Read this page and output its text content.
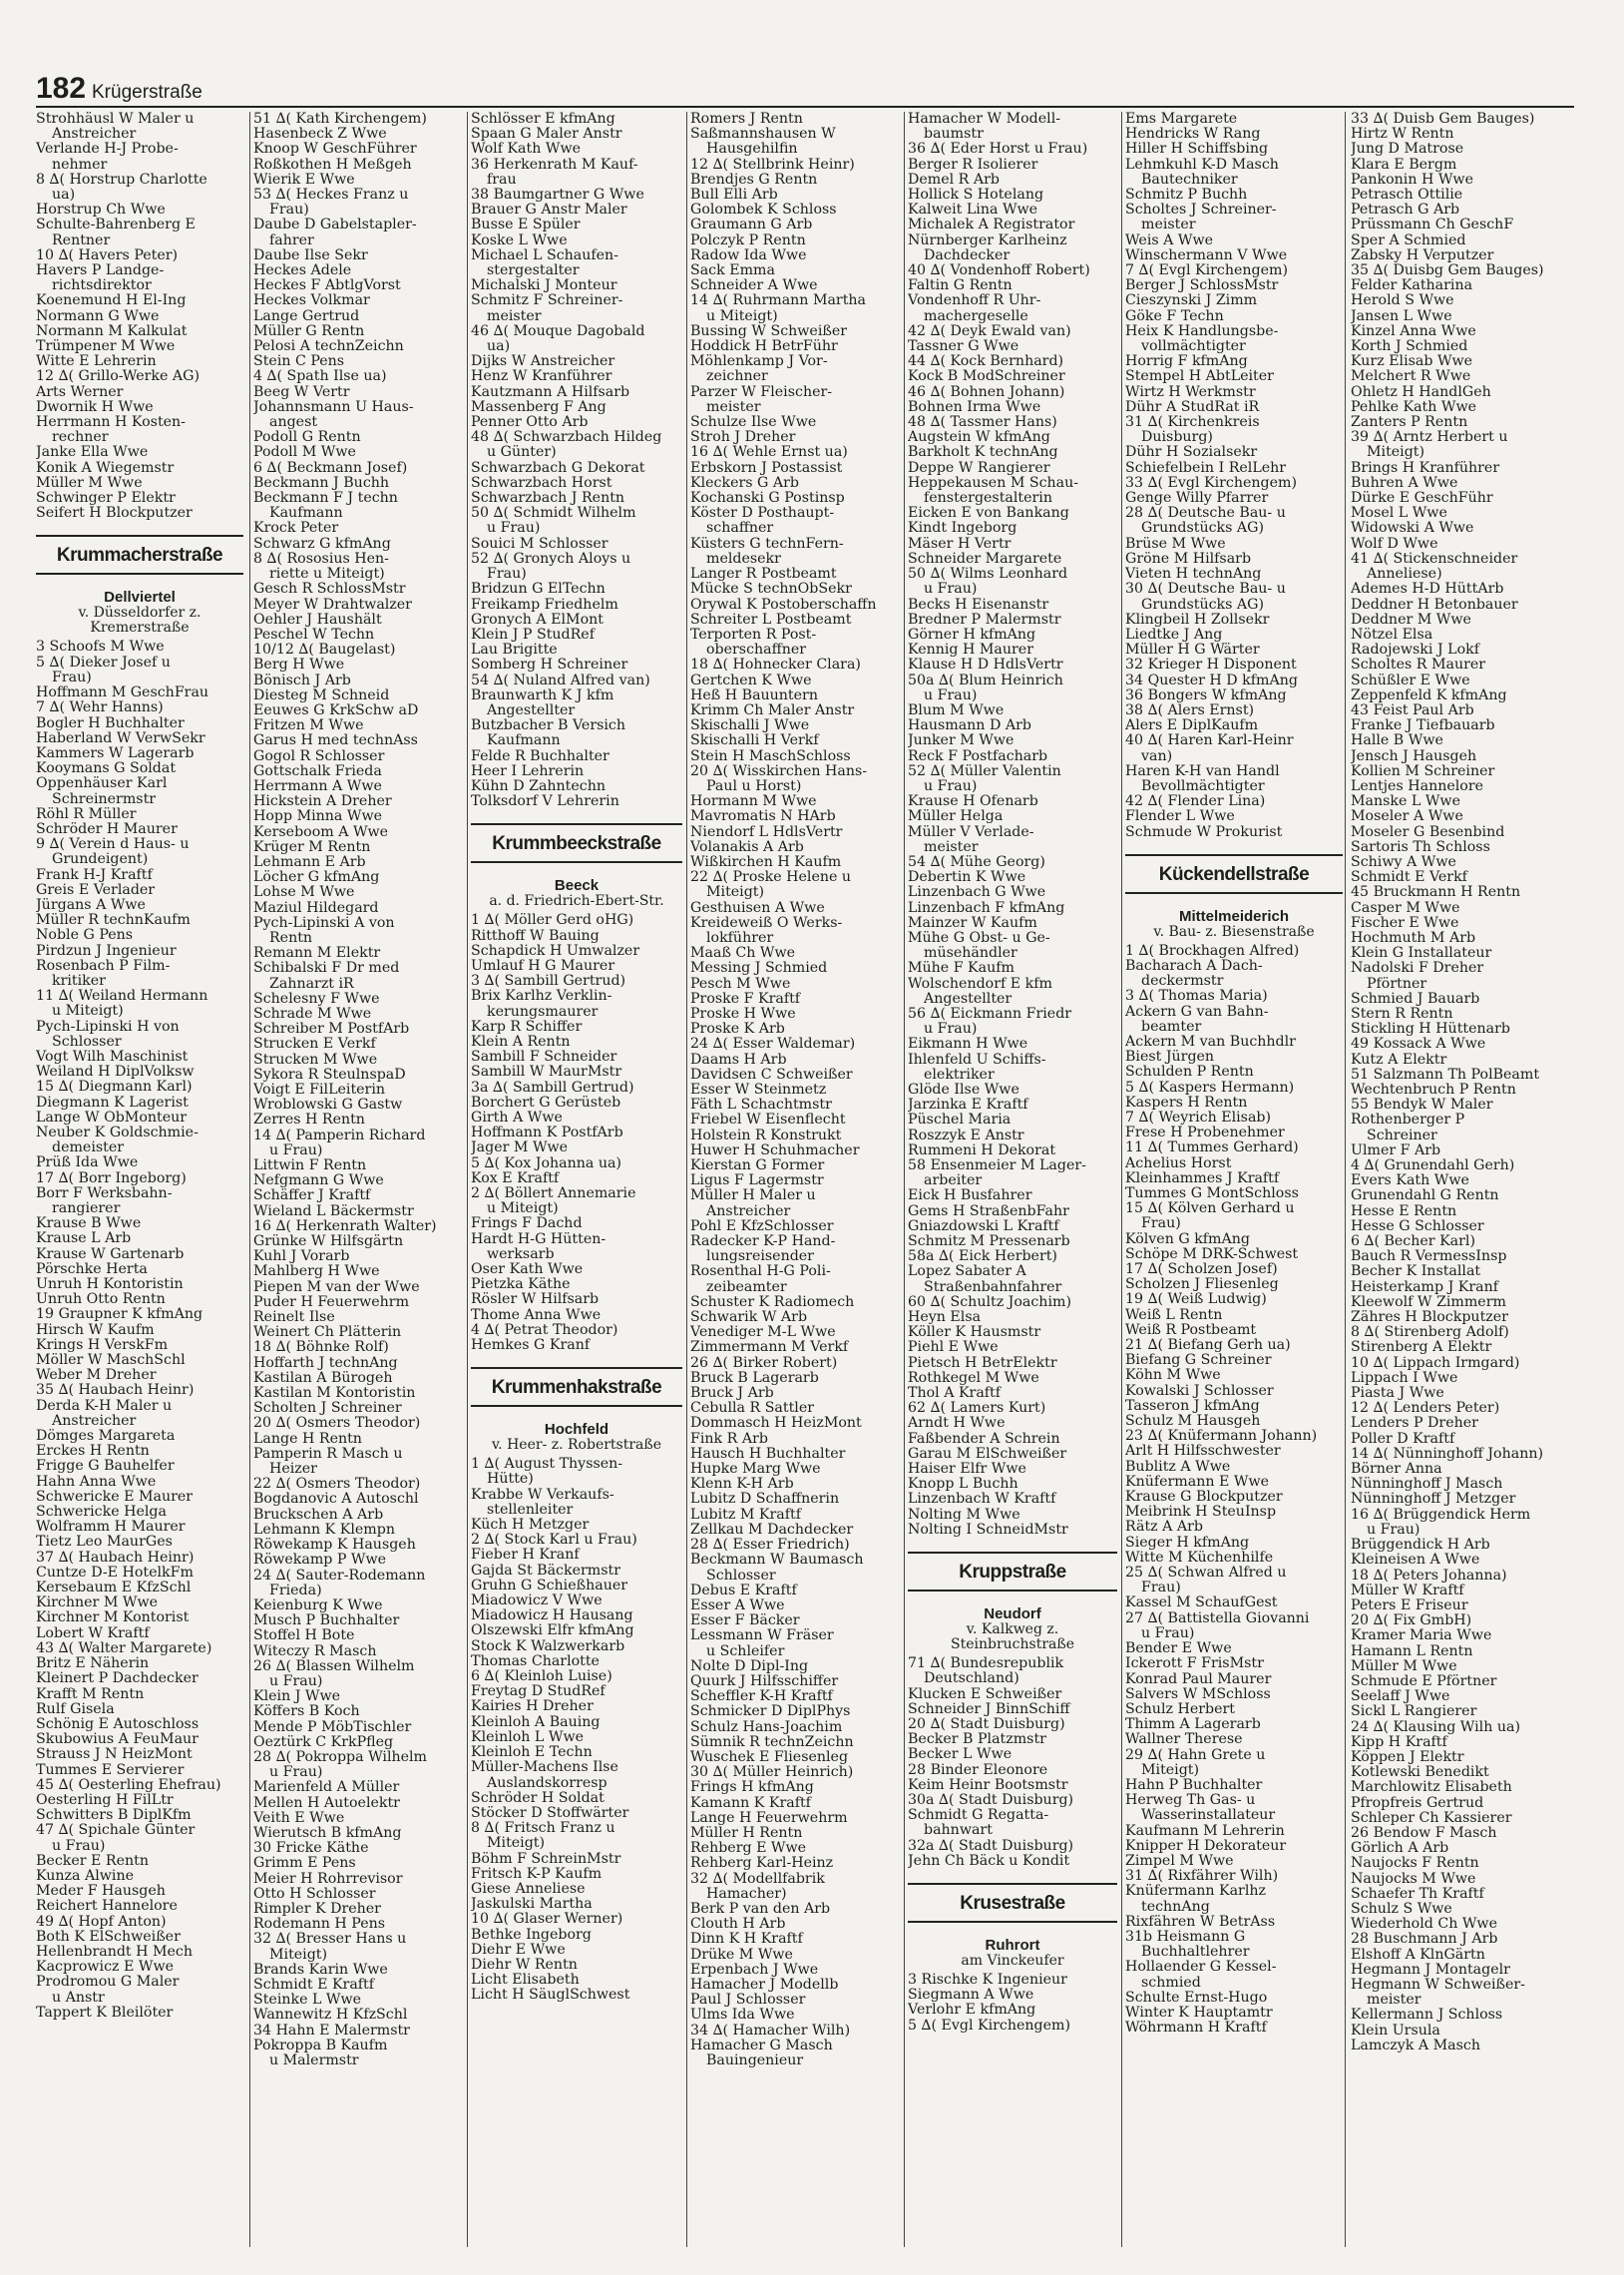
182 Krügerstraße
Strohhäusl W Maler u
Anstreicher
Verlande H-J Probe-
nehmer
8 ∆( Horstrup Charlotte
ua)
Horstrup Ch Wwe
Schulte-Bahrenberg E
Rentner
10 ∆( Havers Peter)
Havers P Landge-
richtsdirektor
Koenemund H El-Ing
Normann G Wwe
Normann M Kalkulat
Trümpener M Wwe
Witte E Lehrerin
12 ∆( Grillo-Werke AG)
Arts Werner
Dwornik H Wwe
Herrmann H Kosten-
rechner
Janke Ella Wwe
Konik A Wiegemstr
Müller M Wwe
Schwinger P Elektr
Seifert H Blockputzer
Krummacherstraße
Dellviertel
v. Düsseldorfer z.
Kremerstraße
3 Schoofs M Wwe
5 ∆( Dieker Josef u
Frau)
Hoffmann M GeschFrau
7 ∆( Wehr Hanns)
Bogler H Buchhalter
Haberland W VerwSekr
Kammers W Lagerarb
Kooymans G Soldat
Oppenhäuser Karl
Schreinermstr
Röhl R Müller
Schröder H Maurer
9 ∆( Verein d Haus- u
Grundeigent)
Frank H-J Kraftf
Greis E Verlader
Jürgans A Wwe
Müller R technKaufm
Noble G Pens
Pirdzun J Ingenieur
Rosenbach P Film-
kritiker
11 ∆( Weiland Hermann
u Miteigt)
Pych-Lipinski H von
Schlosser
Vogt Wilh Maschinist
Weiland H DiplVolksw
15 ∆( Diegmann Karl)
Diegmann K Lagerist
Lange W ObMonteur
Neuber K Goldschmie-
demeister
Prüß Ida Wwe
17 ∆( Borr Ingeborg)
Borr F Werksbahn-
rangierer
Krause B Wwe
Krause L Arb
Krause W Gartenarb
Pörschke Herta
Unruh H Kontoristin
Unruh Otto Rentn
19 Graupner K kfmAng
Hirsch W Kaufm
Krings H VerskFm
Möller W MaschSchl
Weber M Dreher
35 ∆( Haubach Heinr)
Derda K-H Maler u
Anstreicher
Dömges Margareta
Erckes H Rentn
Frigge G Bauhelfer
Hahn Anna Wwe
Schwericke E Maurer
Schwericke Helga
Wolframm H Maurer
Tietz Leo MaurGes
37 ∆( Haubach Heinr)
Cuntze D-E HotelkFm
Kersebaum E KfzSchl
Kirchner M Wwe
Kirchner M Kontorist
Lobert W Kraftf
43 ∆( Walter Margarete)
Britz E Näherin
Kleinert P Dachdecker
Krafft M Rentn
Rulf Gisela
Schönig E Autoschloss
Skubowius A FeuMaur
Strauss J N HeizMont
Tummes E Servierer
45 ∆( Oesterling Ehefrau)
Oesterling H FilLtr
Schwitters B DiplKfm
47 ∆( Spichale Günter
u Frau)
Becker E Rentn
Kunza Alwine
Meder F Hausgeh
Reichert Hannelore
49 ∆( Hopf Anton)
Both K ElSchweißer
Hellenbrandt H Mech
Kacprowicz E Wwe
Prodromou G Maler
u Anstr
Tappert K Bleilöter
51 ∆( Kath Kirchengem)
Hasenbeck Z Wwe
Knoop W GeschFührer
Roßkothen H Meßgeh
Wierik E Wwe
53 ∆( Heckes Franz u
Frau)
Daube D Gabelstapler-
fahrer
Daube Ilse Sekr
Heckes Adele
Heckes F AbtlgVorst
Heckes Volkmar
Lange Gertrud
Müller G Rentn
Pelosi A technZeichn
Stein C Pens
4 ∆( Spath Ilse ua)
Beeg W Vertr
Johannsmann U Haus-
angest
Podoll G Rentn
Podoll M Wwe
6 ∆( Beckmann Josef)
Beckmann J Buchh
Beckmann F J techn
Kaufmann
Krock Peter
Schwarz G kfmAng
8 ∆( Rososius Hen-
riette u Miteigt)
Gesch R SchlossMstr
Meyer W Drahtwalzer
Oehler J Haushält
Peschel W Techn
10/12 ∆( Baugelast)
Berg H Wwe
Bönisch J Arb
Diesteg M Schneid
Eeuwes G KrkSchw aD
Fritzen M Wwe
Garus H med technAss
Gogol R Schlosser
Gottschalk Frieda
Herrmann A Wwe
Hickstein A Dreher
Hopp Minna Wwe
Kerseboom A Wwe
Krüger M Rentn
Lehmann E Arb
Löcher G kfmAng
Lohse M Wwe
Maziul Hildegard
Pych-Lipinski A von
Rentn
Remann M Elektr
Schibalski F Dr med
Zahnarzt iR
Schelesny F Wwe
Schrade M Wwe
Schreiber M PostfArb
Strucken E Verkf
Strucken M Wwe
Sykora R SteulnspaD
Voigt E FilLeiterin
Wroblowski G Gastw
Zerres H Rentn
14 ∆( Pamperin Richard
u Frau)
Littwin F Rentn
Nefgmann G Wwe
Schäffer J Kraftf
Wieland L Bäckermstr
16 ∆( Herkenrath Walter)
Grünke W Hilfsgärtn
Kuhl J Vorarb
Mahlberg H Wwe
Piepen M van der Wwe
Puder H Feuerwehrm
Reinelt Ilse
Weinert Ch Plätterin
18 ∆( Böhnke Rolf)
Hoffarth J technAng
Kastilan A Bürogeh
Kastilan M Kontoristin
Scholten J Schreiner
20 ∆( Osmers Theodor)
Lange H Rentn
Pamperin R Masch u
Heizer
22 ∆( Osmers Theodor)
Bogdanovic A Autoschl
Bruckschen A Arb
Lehmann K Klempn
Röwekamp K Hausgeh
Röwekamp P Wwe
24 ∆( Sauter-Rodemann
Frieda)
Keienburg K Wwe
Musch P Buchhalter
Stoffel H Bote
Witeczy R Masch
26 ∆( Blassen Wilhelm
u Frau)
Klein J Wwe
Köffers B Koch
Mende P MöbTischler
Oeztürk C KrkPfleg
28 ∆( Pokroppa Wilhelm
u Frau)
Marienfeld A Müller
Mellen H Autoelektr
Veith E Wwe
Wierutsch B kfmAng
30 Fricke Käthe
Grimm E Pens
Meier H Rohrrevisor
Otto H Schlosser
Rimpler K Dreher
Rodemann H Pens
32 ∆( Bresser Hans u
Miteigt)
Brands Karin Wwe
Schmidt E Kraftf
Steinke L Wwe
Wannewitz H KfzSchl
34 Hahn E Malermstr
Pokroppa B Kaufm
u Malermstr
Schlösser E kfmAng
Spaan G Maler Anstr
Wolf Kath Wwe
36 Herkenrath M Kauf-
frau
38 Baumgartner G Wwe
Brauer G Anstr Maler
Busse E Spüler
Koske L Wwe
Michael L Schaufen-
stergestalter
Michalski J Monteur
Schmitz F Schreiner-
meister
46 ∆( Mouque Dagobald
ua)
Dijks W Anstreicher
Henz W Kranführer
Kautzmann A Hilfsarb
Massenberg F Ang
Penner Otto Arb
48 ∆( Schwarzbach Hildeg
u Günter)
Schwarzbach G Dekorat
Schwarzbach Horst
Schwarzbach J Rentn
50 ∆( Schmidt Wilhelm
u Frau)
Souici M Schlosser
52 ∆( Gronych Aloys u
Frau)
Bridzun G ElTechn
Freikamp Friedhelm
Gronych A ElMont
Klein J P StudRef
Lau Brigitte
Somberg H Schreiner
54 ∆( Nuland Alfred van)
Braunwarth K J kfm
Angestellter
Butzbacher B Versich
Kaufmann
Felde R Buchhalter
Heer I Lehrerin
Kühn D Zahntechn
Tolksdorf V Lehrerin
Krummbeeckstraße
Beeck
a. d. Friedrich-Ebert-Str.
1 ∆( Möller Gerd oHG)
Ritthoff W Bauing
Schapdick H Umwalzer
Umlauf H G Maurer
3 ∆( Sambill Gertrud)
Brix Karlhz Verklin-
kerungsmaurer
Karp R Schiffer
Klein A Rentn
Sambill F Schneider
Sambill W MaurMstr
3a ∆( Sambill Gertrud)
Borchert G Gerüsteb
Girth A Wwe
Hoffmann K PostfArb
Jager M Wwe
5 ∆( Kox Johanna ua)
Kox E Kraftf
2 ∆( Böllert Annemarie
u Miteigt)
Frings F Dachd
Hardt H-G Hütten-
werksarb
Oser Kath Wwe
Pietzka Käthe
Rösler W Hilfsarb
Thome Anna Wwe
4 ∆( Petrat Theodor)
Hemkes G Kranf
Krummenhakstraße
Hochfeld
v. Heer- z. Robertstraße
1 ∆( August Thyssen-
Hütte)
Krabbe W Verkaufs-
stellenleiter
Küch H Metzger
2 ∆( Stock Karl u Frau)
Fieber H Kranf
Gajda St Bäckermstr
Gruhn G Schießhauer
Miadowicz V Wwe
Miadowicz H Hausang
Olszewski Elfr kfmAng
Stock K Walzwerkarb
Thomas Charlotte
6 ∆( Kleinloh Luise)
Freytag D StudRef
Kairies H Dreher
Kleinloh A Bauing
Kleinloh L Wwe
Kleinloh E Techn
Müller-Machens Ilse
Auslandskorresp
Schröder H Soldat
Stöcker D Stoffwärter
8 ∆( Fritsch Franz u
Miteigt)
Böhm F SchreinMstr
Fritsch K-P Kaufm
Giese Anneliese
Jaskulski Martha
10 ∆( Glaser Werner)
Bethke Ingeborg
Diehr E Wwe
Diehr W Rentn
Licht Elisabeth
Licht H SäuglSchwest
Romers J Rentn
Saßmannshausen W
Hausgehilfin
12 ∆( Stellbrink Heinr)
Brendjes G Rentn
Bull Elli Arb
Golombek K Schloss
Graumann G Arb
Polczyk P Rentn
Radow Ida Wwe
Sack Emma
Schneider A Wwe
14 ∆( Ruhrmann Martha
u Miteigt)
Bussing W Schweißer
Hoddick H BetrFühr
Möhlenkamp J Vor-
zeichner
Parzer W Fleischer-
meister
Schulze Ilse Wwe
Stroh J Dreher
16 ∆( Wehle Ernst ua)
Erbskorn J Postassist
Kleckers G Arb
Kochanski G Postinsp
Köster D Posthaupt-
schaffner
Küsters G technFern-
meldesekr
Langer R Postbeamt
Mücke S technObSekr
Orywal K Postoberschaffn
Schreiter L Postbeamt
Terporten R Post-
oberschaffner
18 ∆( Hohnecker Clara)
Gertchen K Wwe
Heß H Bauuntern
Krimm Ch Maler Anstr
Skischalli J Wwe
Skischalli H Verkf
Stein H MaschSchloss
20 ∆( Wisskirchen Hans-
Paul u Horst)
Hormann M Wwe
Mavromatis N HArb
Niendorf L HdlsVertr
Volanakis A Arb
Wißkirchen H Kaufm
22 ∆( Proske Helene u
Miteigt)
Gesthuisen A Wwe
Kreideweiß O Werks-
lokführer
Maaß Ch Wwe
Messing J Schmied
Pesch M Wwe
Proske F Kraftf
Proske H Wwe
Proske K Arb
24 ∆( Esser Waldemar)
Daams H Arb
Davidsen C Schweißer
Esser W Steinmetz
Fäth L Schachtmstr
Friebel W Eisenflecht
Holstein R Konstrukt
Huwer H Schuhmacher
Kierstan G Former
Ligus F Lagermstr
Müller H Maler u
Anstreicher
Pohl E KfzSchlosser
Radecker K-P Hand-
lungsreisender
Rosenthal H-G Poli-
zeibeamter
Schuster K Radiomech
Schwarik W Arb
Venediger M-L Wwe
Zimmermann M Verkf
26 ∆( Birker Robert)
Bruck B Lagerarb
Bruck J Arb
Cebulla R Sattler
Dommasch H HeizMont
Fink R Arb
Hausch H Buchhalter
Hupke Marg Wwe
Klenn K-H Arb
Lubitz D Schaffnerin
Lubitz M Kraftf
Zellkau M Dachdecker
28 ∆( Esser Friedrich)
Beckmann W Baumasch
Schlosser
Debus E Kraftf
Esser A Wwe
Esser F Bäcker
Lessmann W Fräser
u Schleifer
Nolte D Dipl-Ing
Quurk J Hilfsschiffer
Scheffler K-H Kraftf
Schmicker D DiplPhys
Schulz Hans-Joachim
Sümnik R technZeichn
Wuschek E Fliesenleg
30 ∆( Müller Heinrich)
Frings H kfmAng
Kamann K Kraftf
Lange H Feuerwehrm
Müller H Rentn
Rehberg E Wwe
Rehberg Karl-Heinz
32 ∆( Modellfabrik
Hamacher)
Berk P van den Arb
Clouth H Arb
Dinn K H Kraftf
Drüke M Wwe
Erpenbach J Wwe
Hamacher J Modellb
Paul J Schlosser
Ulms Ida Wwe
34 ∆( Hamacher Wilh)
Hamacher G Masch
Bauingenieur
Hamacher W Modell-
baumstr
36 ∆( Eder Horst u Frau)
Berger R Isolierer
Demel R Arb
Hollick S Hotelang
Kalweit Lina Wwe
Michalek A Registrator
Nürnberger Karlheinz
Dachdecker
40 ∆( Vondenhoff Robert)
Faltin G Rentn
Vondenhoff R Uhr-
machergeselle
42 ∆( Deyk Ewald van)
Tassner G Wwe
44 ∆( Kock Bernhard)
Kock B ModSchreiner
46 ∆( Bohnen Johann)
Bohnen Irma Wwe
48 ∆( Tassmer Hans)
Augstein W kfmAng
Barkholt K technAng
Deppe W Rangierer
Heppekausen M Schau-
fenstergestalterin
Eicken E von Bankang
Kindt Ingeborg
Mäser H Vertr
Schneider Margarete
50 ∆( Wilms Leonhard
u Frau)
Becks H Eisenanstr
Bredner P Malermstr
Görner H kfmAng
Kennig H Maurer
Klause H D HdlsVertr
50a ∆( Blum Heinrich
u Frau)
Blum M Wwe
Hausmann D Arb
Junker M Wwe
Reck F Postfacharb
52 ∆( Müller Valentin
u Frau)
Krause H Ofenarb
Müller Helga
Müller V Verlade-
meister
54 ∆( Mühe Georg)
Debertin K Wwe
Linzenbach G Wwe
Linzenbach F kfmAng
Mainzer W Kaufm
Mühe G Obst- u Ge-
müsehändler
Mühe F Kaufm
Wolschendorf E kfm
Angestellter
56 ∆( Eickmann Friedr
u Frau)
Eikmann H Wwe
Ihlenfeld U Schiffs-
elektriker
Glöde Ilse Wwe
Jarzinka E Kraftf
Püschel Maria
Roszzyk E Anstr
Rummeni H Dekorat
58 Ensenmeier M Lager-
arbeiter
Eick H Busfahrer
Gems H StraßenbFahr
Gniazdowski L Kraftf
Schmitz M Pressenarb
58a ∆( Eick Herbert)
Lopez Sabater A
Straßenbahnfahrer
60 ∆( Schultz Joachim)
Heyn Elsa
Köller K Hausmstr
Piehl E Wwe
Pietsch H BetrElektr
Rothkegel M Wwe
Thol A Kraftf
62 ∆( Lamers Kurt)
Arndt H Wwe
Faßbender A Schrein
Garau M ElSchweißer
Haiser Elfr Wwe
Knopp L Buchh
Linzenbach W Kraftf
Nolting M Wwe
Nolting I SchneidMstr
Kruppstraße
Neudorf
v. Kalkweg z.
Steinbruchstraße
71 ∆( Bundesrepublik
Deutschland)
Klucken E Schweißer
Schneider J BinnSchiff
20 ∆( Stadt Duisburg)
Becker B Platzmstr
Becker L Wwe
28 Binder Eleonore
Keim Heinr Bootsmstr
30a ∆( Stadt Duisburg)
Schmidt G Regatta-
bahnwart
32a ∆( Stadt Duisburg)
Jehn Ch Bäck u Kondit
Krusestraße
Ruhrort
am Vinckeufer
3 Rischke K Ingenieur
Siegmann A Wwe
Verlohr E kfmAng
5 ∆( Evgl Kirchengem)
Ems Margarete
Hendricks W Rang
Hiller H Schiffsbing
Lehmkuhl K-D Masch
Bautechniker
Schmitz P Buchh
Scholtes J Schreiner-
meister
Weis A Wwe
Winschermann V Wwe
7 ∆( Evgl Kirchengem)
Berger J SchlossMstr
Cieszynski J Zimm
Göke F Techn
Heix K Handlungsbe-
vollmächtigter
Horrig F kfmAng
Stempel H AbtLeiter
Wirtz H Werkmstr
Dühr A StudRat iR
31 ∆( Kirchenkreis
Duisburg)
Dühr H Sozialsekr
Schiefelbein I RelLehr
33 ∆( Evgl Kirchengem)
Genge Willy Pfarrer
28 ∆( Deutsche Bau- u
Grundstücks AG)
Brüse M Wwe
Gröne M Hilfsarb
Vieten H technAng
30 ∆( Deutsche Bau- u
Grundstücks AG)
Klingbeil H Zollsekr
Liedtke J Ang
Müller H G Wärter
32 Krieger H Disponent
34 Quester H D kfmAng
36 Bongers W kfmAng
38 ∆( Alers Ernst)
Alers E DiplKaufm
40 ∆( Haren Karl-Heinr
van)
Haren K-H van Handl
Bevollmächtigter
42 ∆( Flender Lina)
Flender L Wwe
Schmude W Prokurist
Kückendellstraße
Mittelmeiderich
v. Bau- z. Biesenstraße
1 ∆( Brockhagen Alfred)
Bacharach A Dach-
deckermstr
3 ∆( Thomas Maria)
Ackern G van Bahn-
beamter
Ackern M van Buchhdlr
Biest Jürgen
Schulden P Rentn
5 ∆( Kaspers Hermann)
Kaspers H Rentn
7 ∆( Weyrich Elisab)
Frese H Probenehmer
11 ∆( Tummes Gerhard)
Achelius Horst
Kleinhammes J Kraftf
Tummes G MontSchloss
15 ∆( Kölven Gerhard u
Frau)
Kölven G kfmAng
Schöpe M DRK-Schwest
17 ∆( Scholzen Josef)
Scholzen J Fliesenleg
19 ∆( Weiß Ludwig)
Weiß L Rentn
Weiß R Postbeamt
21 ∆( Biefang Gerh ua)
Biefang G Schreiner
Köhn M Wwe
Kowalski J Schlosser
Tasseron J kfmAng
Schulz M Hausgeh
23 ∆( Knüfermann Johann)
Arlt H Hilfsschwester
Bublitz A Wwe
Knüfermann E Wwe
Krause G Blockputzer
Meibrink H SteuInsp
Rätz A Arb
Sieger H kfmAng
Witte M Küchenhilfe
25 ∆( Schwan Alfred u
Frau)
Kassel M SchaufGest
27 ∆( Battistella Giovanni
u Frau)
Bender E Wwe
Ickerott F FrisMstr
Konrad Paul Maurer
Salvers W MSchloss
Schulz Herbert
Thimm A Lagerarb
Wallner Therese
29 ∆( Hahn Grete u
Miteigt)
Hahn P Buchhalter
Herweg Th Gas- u
Wasserinstallateur
Kaufmann M Lehrerin
Knipper H Dekorateur
Zimpel M Wwe
31 ∆( Rixfährer Wilh)
Knüfermann Karlhz
technAng
Rixfähren W BetrAss
31b Heismann G
Buchhaltlehrer
Hollaender G Kessel-
schmied
Schulte Ernst-Hugo
Winter K Hauptamtr
Wöhrmann H Kraftf
33 ∆( Duisb Gem Bauges)
Hirtz W Rentn
Jung D Matrose
Klara E Bergm
Pankonin H Wwe
Petrasch Ottilie
Petrasch G Arb
Prüssmann Ch GeschF
Sper A Schmied
Zabsky H Verputzer
35 ∆( Duisbg Gem Bauges)
Felder Katharina
Herold S Wwe
Jansen L Wwe
Kinzel Anna Wwe
Korth J Schmied
Kurz Elisab Wwe
Melchert R Wwe
Ohletz H HandlGeh
Pehlke Kath Wwe
Zanters P Rentn
39 ∆( Arntz Herbert u
Miteigt)
Brings H Kranführer
Buhren A Wwe
Dürke E GeschFühr
Mosel L Wwe
Widowski A Wwe
Wolf D Wwe
41 ∆( Stickenschneider
Anneliese)
Ademes H-D HüttArb
Deddner H Betonbauer
Deddner M Wwe
Nötzel Elsa
Radojewski J Lokf
Scholtes R Maurer
Schüßler E Wwe
Zeppenfeld K kfmAng
43 Feist Paul Arb
Franke J Tiefbauarb
Halle B Wwe
Jensch J Hausgeh
Kollien M Schreiner
Lentjes Hannelore
Manske L Wwe
Moseler A Wwe
Moseler G Besenbind
Sartoris Th Schloss
Schiwy A Wwe
Schmidt E Verkf
45 Bruckmann H Rentn
Casper M Wwe
Fischer E Wwe
Hochmuth M Arb
Klein G Installateur
Nadolski F Dreher
Pförtner
Schmied J Bauarb
Stern R Rentn
Stickling H Hüttenarb
49 Kossack A Wwe
Kutz A Elektr
51 Salzmann Th PolBeamt
Wechtenbruch P Rentn
55 Bendyk W Maler
Rothenberger P
Schreiner
Ulmer F Arb
4 ∆( Grunendahl Gerh)
Evers Kath Wwe
Grunendahl G Rentn
Hesse E Rentn
Hesse G Schlosser
6 ∆( Becher Karl)
Bauch R VermessInsp
Becher K Installat
Heisterkamp J Kranf
Kleewolf W Zimmerm
Zähres H Blockputzer
8 ∆( Stirenberg Adolf)
Stirenberg A Elektr
10 ∆( Lippach Irmgard)
Lippach I Wwe
Piasta J Wwe
12 ∆( Lenders Peter)
Lenders P Dreher
Poller D Kraftf
14 ∆( Nünninghoff Johann)
Börner Anna
Nünninghoff J Masch
Nünninghoff J Metzger
16 ∆( Brüggendick Herm
u Frau)
Brüggendick H Arb
Kleineisen A Wwe
18 ∆( Peters Johanna)
Müller W Kraftf
Peters E Friseur
20 ∆( Fix GmbH)
Kramer Maria Wwe
Hamann L Rentn
Müller M Wwe
Schmude E Pförtner
Seelaff J Wwe
Sickl L Rangierer
24 ∆( Klausing Wilh ua)
Kipp H Kraftf
Köppen J Elektr
Kotlewski Benedikt
Marchlowitz Elisabeth
Pfropfreis Gertrud
Schleper Ch Kassierer
26 Bendow F Masch
Görlich A Arb
Naujocks F Rentn
Naujocks M Wwe
Schaefer Th Kraftf
Schulz S Wwe
Wiederhold Ch Wwe
28 Buschmann J Arb
Elshoff A KlnGärtn
Hegmann J Montagelr
Hegmann W Schweißer-
meister
Kellermann J Schloss
Klein Ursula
Lamczyk A Masch
